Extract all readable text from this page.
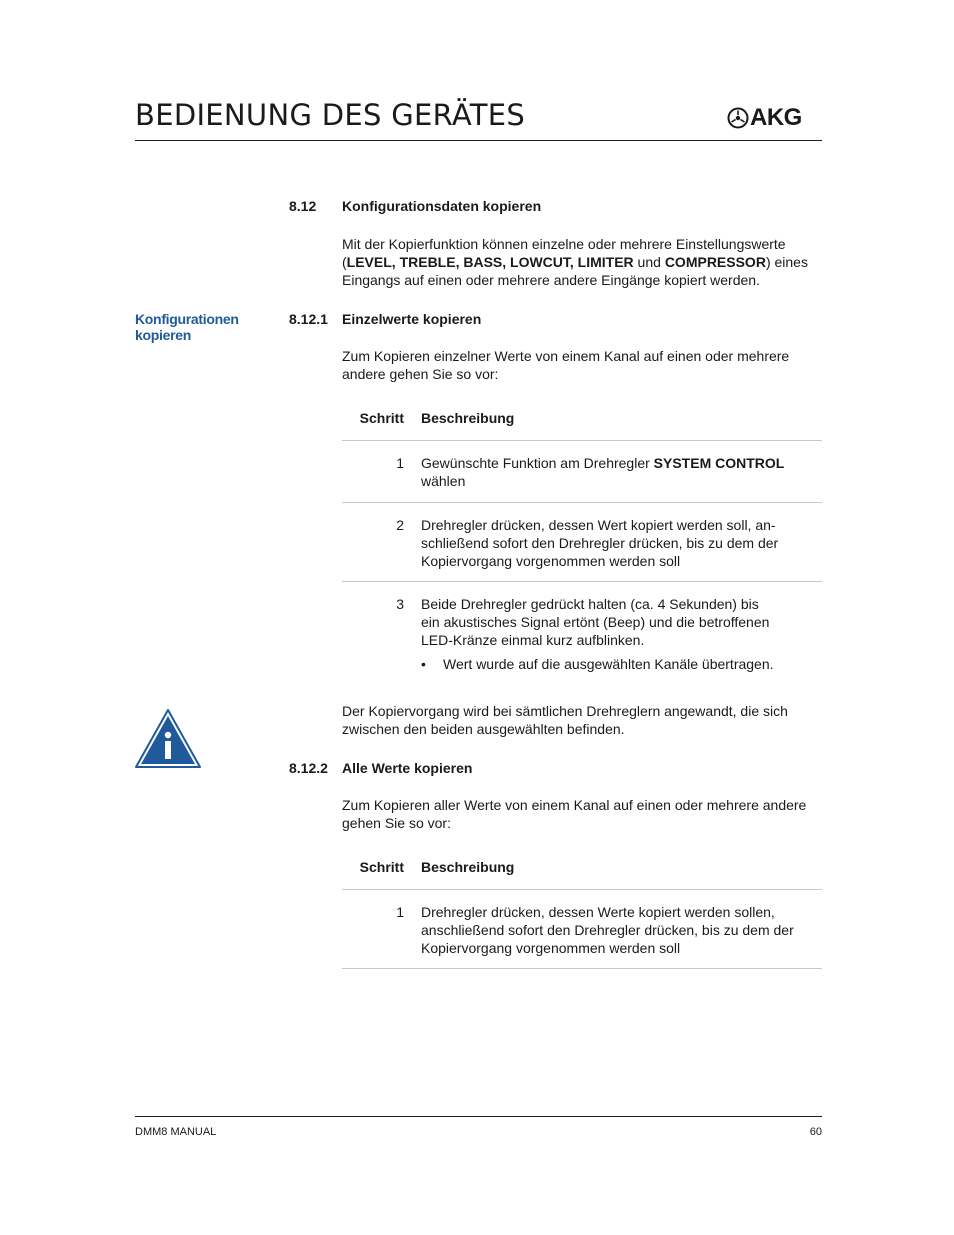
BEDIENUNG DES GERÄTES	AKG
8.12 Konfigurationsdaten kopieren
Mit der Kopierfunktion können einzelne oder mehrere Einstellungswerte
(LEVEL, TREBLE, BASS, LOWCUT, LIMITER und COMPRESSOR) eines
Eingangs auf einen oder mehrere andere Eingänge kopiert werden.
Konfigurationen
kopieren
8.12.1 Einzelwerte kopieren
Zum Kopieren einzelner Werte von einem Kanal auf einen oder mehrere
andere gehen Sie so vor:
Schritt Beschreibung
1 Gewünschte Funktion am Drehregler SYSTEM CONTROL
wählen
2 Drehregler drücken, dessen Wert kopiert werden soll, an-
schließend sofort den Drehregler drücken, bis zu dem der
Kopiervorgang vorgenommen werden soll
3 Beide Drehregler gedrückt halten (ca. 4 Sekunden) bis
ein akustisches Signal ertönt (Beep) und die betroffenen
LED-Kränze einmal kurz aufblinken.
• Wert wurde auf die ausgewählten Kanäle übertragen.
Der Kopiervorgang wird bei sämtlichen Drehreglern angewandt, die sich
zwischen den beiden ausgewählten befinden.
8.12.2 Alle Werte kopieren
Zum Kopieren aller Werte von einem Kanal auf einen oder mehrere andere
gehen Sie so vor:
Schritt Beschreibung
1 Drehregler drücken, dessen Werte kopiert werden sollen,
anschließend sofort den Drehregler drücken, bis zu dem der
Kopiervorgang vorgenommen werden soll
DMM8 MANUAL	60
